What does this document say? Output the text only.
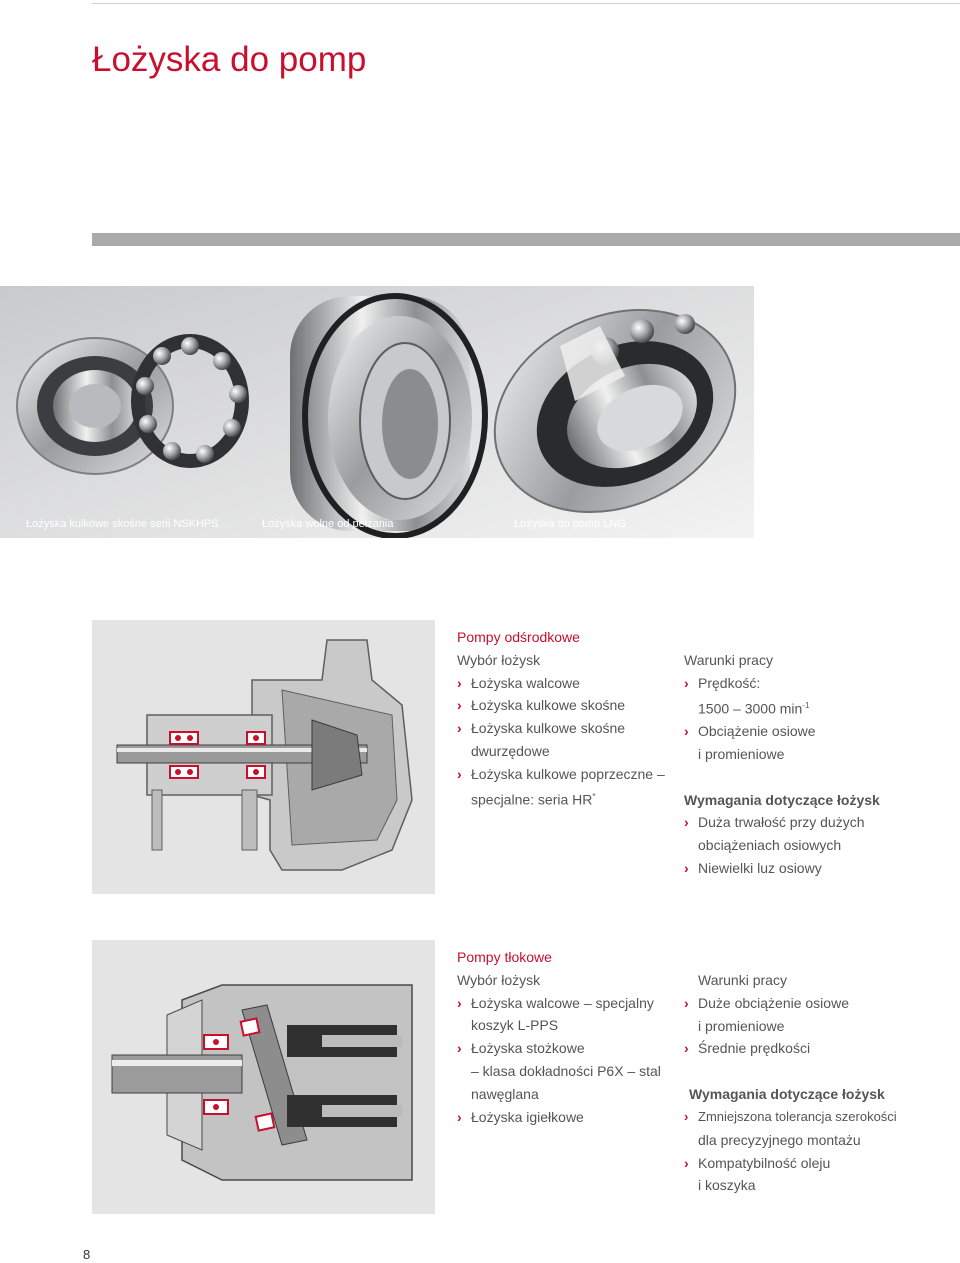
Łożyska do pomp
Łożyska kulkowe skośne serii NSKHPS	Łożyska wolne od pełzania	Łożyska do pomp LNG
Pompy odśrodkowe
Wybór łożysk
› Łożyska walcowe
› Łożyska kulkowe skośne
› Łożyska kulkowe skośne
dwurzędowe
› Łożyska kulkowe poprzeczne –
specjalne: seria HR*
Warunki pracy
› Prędkość:
1500 – 3000 $\min^{-1}$
› Obciążenie osiowe
i promieniowe
Wymagania dotyczące łożysk
› Duża trwałość przy dużych
obciążeniach osiowych
› Niewielki luz osiowy
Pompy tłokowe
Wybór łożysk
› Łożyska walcowe – specjalny
koszyk L-PPS
› Łożyska stożkowe
– klasa dokładności P6X – stal
nawęglana
› Łożyska igiełkowe
Warunki pracy
› Duże obciążenie osiowe
i promieniowe
› Średnie prędkości
Wymagania dotyczące łożysk
› Zmniejszona tolerancja szerokości
dla precyzyjnego montażu
› Kompatybilność oleju
i koszyka
8
